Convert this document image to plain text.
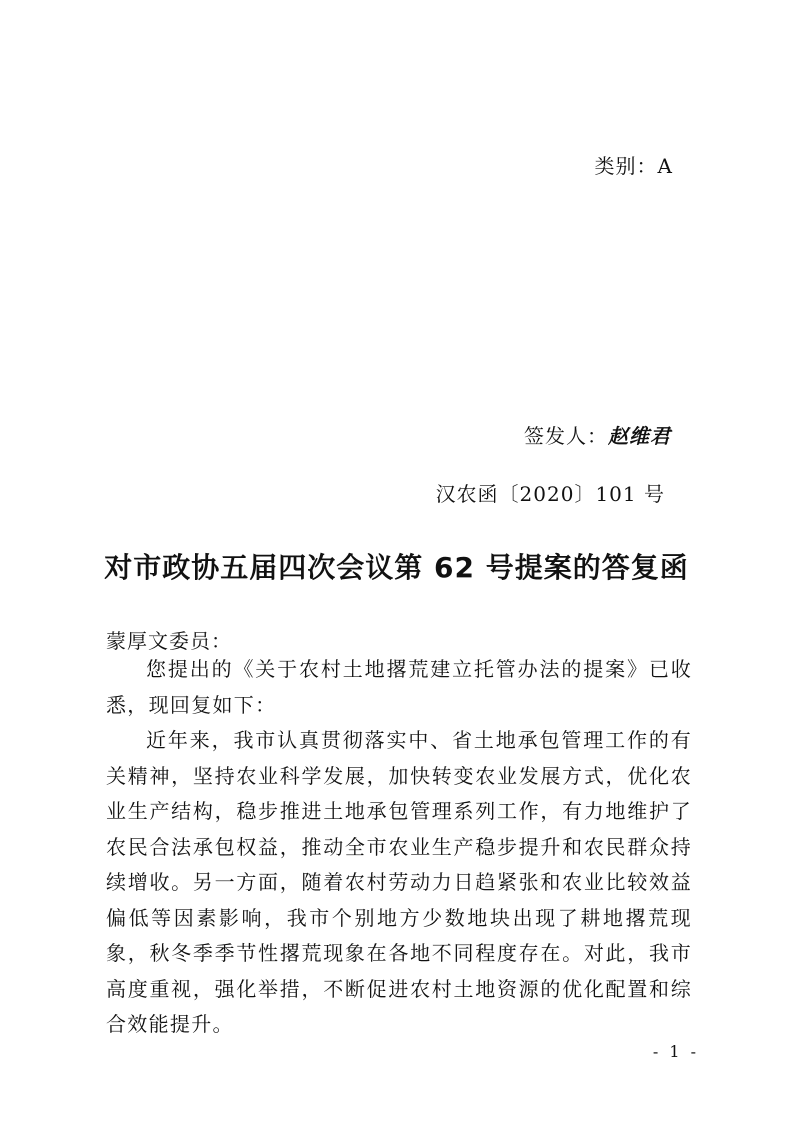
类别：A
签发人：赵维君
汉农函〔2020〕101 号
对市政协五届四次会议第 62 号提案的答复函
蒙厚文委员：

您提出的《关于农村土地撂荒建立托管办法的提案》已收悉，现回复如下：

近年来，我市认真贯彻落实中、省土地承包管理工作的有关精神，坚持农业科学发展，加快转变农业发展方式，优化农业生产结构，稳步推进土地承包管理系列工作，有力地维护了农民合法承包权益，推动全市农业生产稳步提升和农民群众持续增收。另一方面，随着农村劳动力日趋紧张和农业比较效益偏低等因素影响，我市个别地方少数地块出现了耕地撂荒现象，秋冬季季节性撂荒现象在各地不同程度存在。对此，我市高度重视，强化举措，不断促进农村土地资源的优化配置和综合效能提升。

- 1 -
